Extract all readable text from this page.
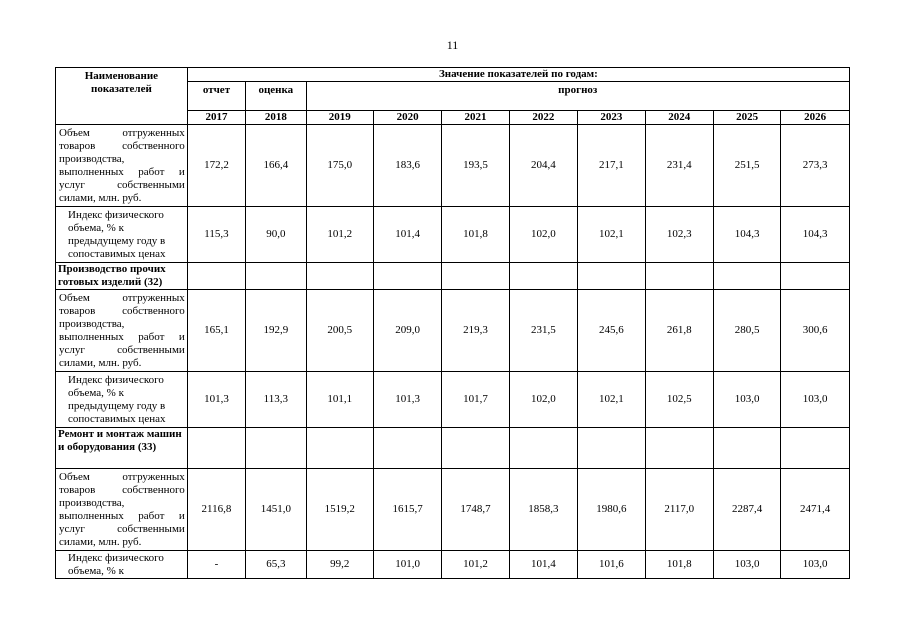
11
Наименование показателей	Значение показателей по годам:									
	отчет	оценка	прогноз							
	2017	2018	2019	2020	2021	2022	2023	2024	2025	2026
Объем отгруженных товаров собственного производства, выполненных работ и услуг собственными силами, млн. руб.	172,2	166,4	175,0	183,6	193,5	204,4	217,1	231,4	251,5	273,3
Индекс физического объема, % к предыдущему году в сопоставимых ценах	115,3	90,0	101,2	101,4	101,8	102,0	102,1	102,3	104,3	104,3
Производство прочих готовых изделий (32)										
Объем отгруженных товаров собственного производства, выполненных работ и услуг собственными силами, млн. руб.	165,1	192,9	200,5	209,0	219,3	231,5	245,6	261,8	280,5	300,6
Индекс физического объема, % к предыдущему году в сопоставимых ценах	101,3	113,3	101,1	101,3	101,7	102,0	102,1	102,5	103,0	103,0
Ремонт и монтаж машин и оборудования (33)										
Объем отгруженных товаров собственного производства, выполненных работ и услуг собственными силами, млн. руб.	2116,8	1451,0	1519,2	1615,7	1748,7	1858,3	1980,6	2117,0	2287,4	2471,4
Индекс физического объема, % к	-	65,3	99,2	101,0	101,2	101,4	101,6	101,8	103,0	103,0
